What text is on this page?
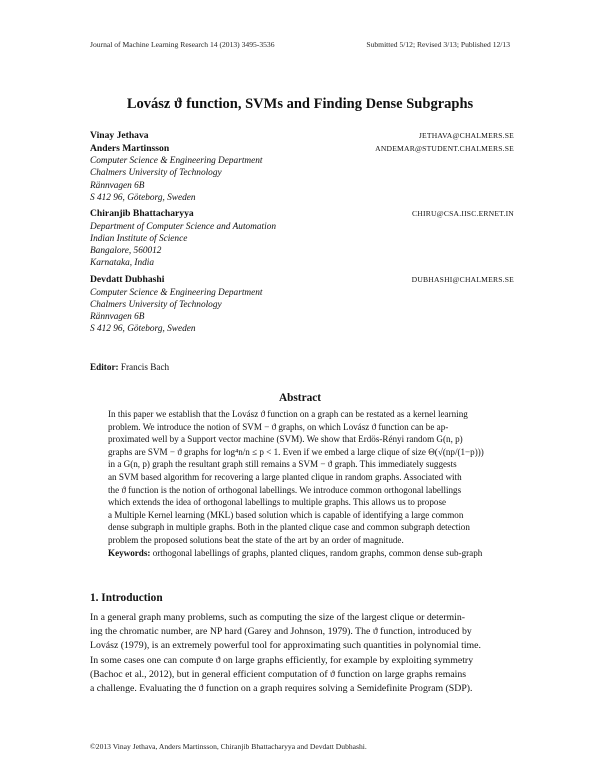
Journal of Machine Learning Research 14 (2013) 3495-3536	Submitted 5/12; Revised 3/13; Published 12/13
Lovász ϑ function, SVMs and Finding Dense Subgraphs
Vinay Jethava	JETHAVA@CHALMERS.SE
Anders Martinsson	ANDEMAR@STUDENT.CHALMERS.SE
Computer Science & Engineering Department
Chalmers University of Technology
Rännvagen 6B
S 412 96, Göteborg, Sweden
Chiranjib Bhattacharyya	CHIRU@CSA.IISC.ERNET.IN
Department of Computer Science and Automation
Indian Institute of Science
Bangalore, 560012
Karnataka, India
Devdatt Dubhashi	DUBHASHI@CHALMERS.SE
Computer Science & Engineering Department
Chalmers University of Technology
Rännvagen 6B
S 412 96, Göteborg, Sweden
Editor: Francis Bach
Abstract

In this paper we establish that the Lovász ϑ function on a graph can be restated as a kernel learning

problem. We introduce the notion of SVM − ϑ graphs, on which Lovász ϑ function can be ap-

proximated well by a Support vector machine (SVM). We show that Erdös-Rényi random G(n, p)

graphs are SVM − ϑ graphs for log⁴n/n ≤ p < 1. Even if we embed a large clique of size Θ(√(np/(1−p)))

in a G(n, p) graph the resultant graph still remains a SVM − ϑ graph. This immediately suggests

an SVM based algorithm for recovering a large planted clique in random graphs. Associated with

the ϑ function is the notion of orthogonal labellings. We introduce common orthogonal labellings

which extends the idea of orthogonal labellings to multiple graphs. This allows us to propose

a Multiple Kernel learning (MKL) based solution which is capable of identifying a large common

dense subgraph in multiple graphs. Both in the planted clique case and common subgraph detection

problem the proposed solutions beat the state of the art by an order of magnitude.

Keywords: orthogonal labellings of graphs, planted cliques, random graphs, common dense sub-graph

1. Introduction

In a general graph many problems, such as computing the size of the largest clique or determin-

ing the chromatic number, are NP hard (Garey and Johnson, 1979). The ϑ function, introduced by

Lovász (1979), is an extremely powerful tool for approximating such quantities in polynomial time.

In some cases one can compute ϑ on large graphs efficiently, for example by exploiting symmetry

(Bachoc et al., 2012), but in general efficient computation of ϑ function on large graphs remains

a challenge. Evaluating the ϑ function on a graph requires solving a Semidefinite Program (SDP).

©2013 Vinay Jethava, Anders Martinsson, Chiranjib Bhattacharyya and Devdatt Dubhashi.
